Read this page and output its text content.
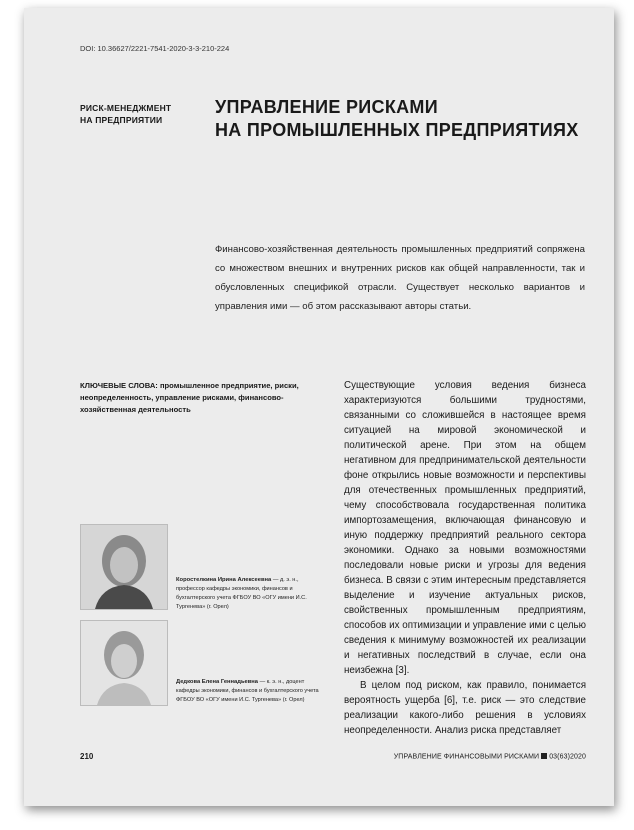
DOI: 10.36627/2221-7541-2020-3-3-210-224
РИСК-МЕНЕДЖМЕНТ
НА ПРЕДПРИЯТИИ
УПРАВЛЕНИЕ РИСКАМИ
НА ПРОМЫШЛЕННЫХ ПРЕДПРИЯТИЯХ
Финансово-хозяйственная деятельность промышленных предприятий сопряжена со множеством внешних и внутренних рисков как общей направленности, так и обусловленных спецификой отрасли. Существует несколько вариантов и управления ими — об этом рассказывают авторы статьи.
КЛЮЧЕВЫЕ СЛОВА: промышленное предприятие, риски, неопределенность, управление рисками, финансово-хозяйственная деятельность
Коростелкина Ирина Алексеевна — д. э. н., профессор кафедры экономики, финансов и бухгалтерского учета ФГБОУ ВО «ОГУ имени И.С. Тургенева» (г. Орел)
Дедкова Елена Геннадьевна — к. э. н., доцент кафедры экономики, финансов и бухгалтерского учета ФГБОУ ВО «ОГУ имени И.С. Тургенева» (г. Орел)

Существующие условия ведения бизнеса характеризуются большими трудностями, связанными со сложившейся в настоящее время ситуацией на мировой экономической и политической арене. При этом на общем негативном для предпринимательской деятельности фоне открылись новые возможности и перспективы для отечественных промышленных предприятий, чему способствовала государственная политика импортозамещения, включающая финансовую и иную поддержку предприятий реального сектора экономики. Однако за новыми возможностями последовали новые риски и угрозы для ведения бизнеса. В связи с этим интересным представляется выделение и изучение актуальных рисков, свойственных промышленным предприятиям, способов их оптимизации и управление ими с целью сведения к минимуму возможностей их реализации и негативных последствий в случае, если она неизбежна [3].

В целом под риском, как правило, понимается вероятность ущерба [6], т.е. риск — это следствие реализации какого-либо решения в условиях неопределенности. Анализ риска представляет

210	УПРАВЛЕНИЕ ФИНАНСОВЫМИ РИСКАМИ 03(63)2020
